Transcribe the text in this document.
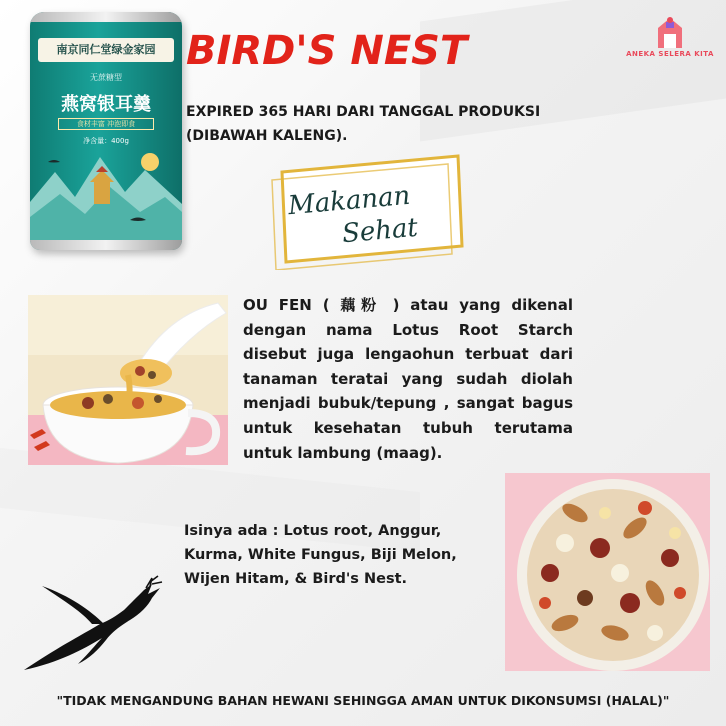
南京同仁堂绿金家园
无蔗糖型
燕窝银耳羹
食材丰富 冲泡即食
净含量：400g
BIRD'S NEST
EXPIRED 365 HARI DARI TANGGAL PRODUKSI (DIBAWAH KALENG).
ANEKA SELERA KITA
Makanan
Sehat
OU FEN ( 藕粉 ) atau yang dikenal dengan nama Lotus Root Starch disebut juga lengaohun terbuat dari tanaman teratai yang sudah diolah menjadi bubuk/tepung , sangat bagus untuk kesehatan tubuh terutama untuk lambung (maag).
Isinya ada : Lotus root, Anggur, Kurma, White Fungus, Biji Melon, Wijen Hitam, & Bird's Nest.
"TIDAK MENGANDUNG BAHAN HEWANI SEHINGGA AMAN UNTUK DIKONSUMSI (HALAL)"
